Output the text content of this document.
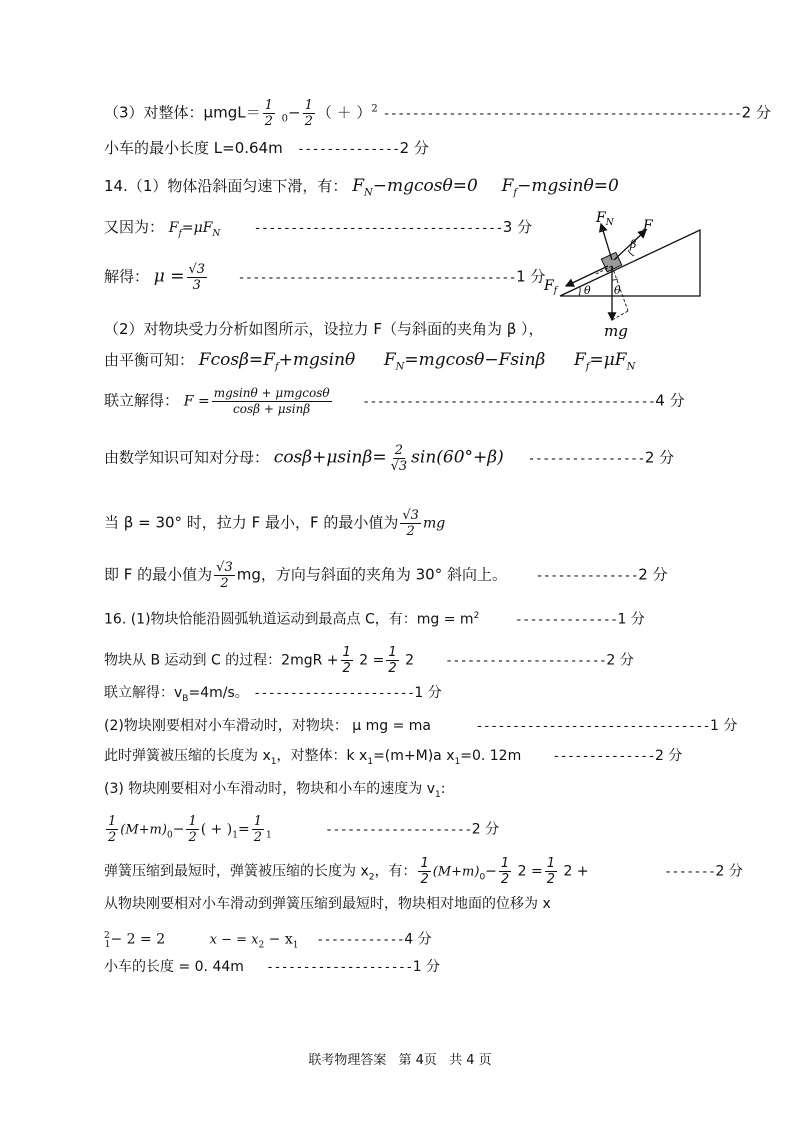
（3）对整体：$\mu mgL= \frac{1}{2} _0- \frac{1}{2}$ （ ＋ ）$^2$ -------------------------------------------------2 分
小车的最小长度 L=0.64m --------------2 分
14.（1）物体沿斜面匀速下滑，有： $F_N-mgcos\theta=0$ $F_f-mgsin\theta=0$
又因为： $F_f=\mu F_N$	----------------------------------3 分
解得： $\mu = \frac{√3}{3} --------------------------------------1$ 分
（2）对物块受力分析如图所示，设拉力 F（与斜面的夹角为 β ），
由平衡可知： $Fcos\beta=F_f+mgsin\theta$ $F_N=mgcos\theta-Fsin\beta$ $F_f=\mu F_N$
联立解得： $F = \frac{\text{mgsinθ + μmgcosθ}}{\cos\beta + \mu\sin\beta} ----------------------------------------4$ 分
由数学知识可知对分母： $\cos\beta+\mu\sin\beta= \frac{2}{√3} \sin(60^\circ+\beta)$ ----------------2 分
当 β = 30° 时，拉力 F 最小，F 的最小值为 $\frac{√3}{2}$ mg
即 F 的最小值为 $\frac{√3}{2}$ mg，方向与斜面的夹角为 30° 斜向上。 --------------2 分
16. (1)物块恰能沿圆弧轨道运动到最高点 C，有：mg = $m^2$	--------------1 分
物块从 B 运动到 C 的过程：$2mgR + \frac{1}{2} 2 = \frac{1}{2} 2$ ----------------------2 分
联立解得：$v_B=4m/s$。 ----------------------1 分
(2)物块刚要相对小车滑动时，对物块： μ mg = ma	--------------------------------1 分
此时弹簧被压缩的长度为 $x_1$，对整体：k $x_1=(m+M)a$ $x_1=0$. 12m --------------2 分
(3) 物块刚要相对小车滑动时，物块和小车的速度为 $v_1$:
$\frac{1}{2} (M+m)_0- \frac{1}{2}$ ( + )$_1= \frac{1}{2} _1$	--------------------2 分
弹簧压缩到最短时，弹簧被压缩的长度为 $x_2$，有： $\frac{1}{2} (M+m)_0- \frac{1}{2} 2 = \frac{1}{2} 2$ +	-------2 分
从物块刚要相对小车滑动到弹簧压缩到最短时，物块相对地面的位移为 x
$^2_1$− 2 = 2	x − = $x_2 - x_1$ ------------4 分
小车的长度 = 0. 44m --------------------1 分
$F_N$ F
β
$F_f$ θ θ
mg
联考物理答案 第 4页 共 4 页
